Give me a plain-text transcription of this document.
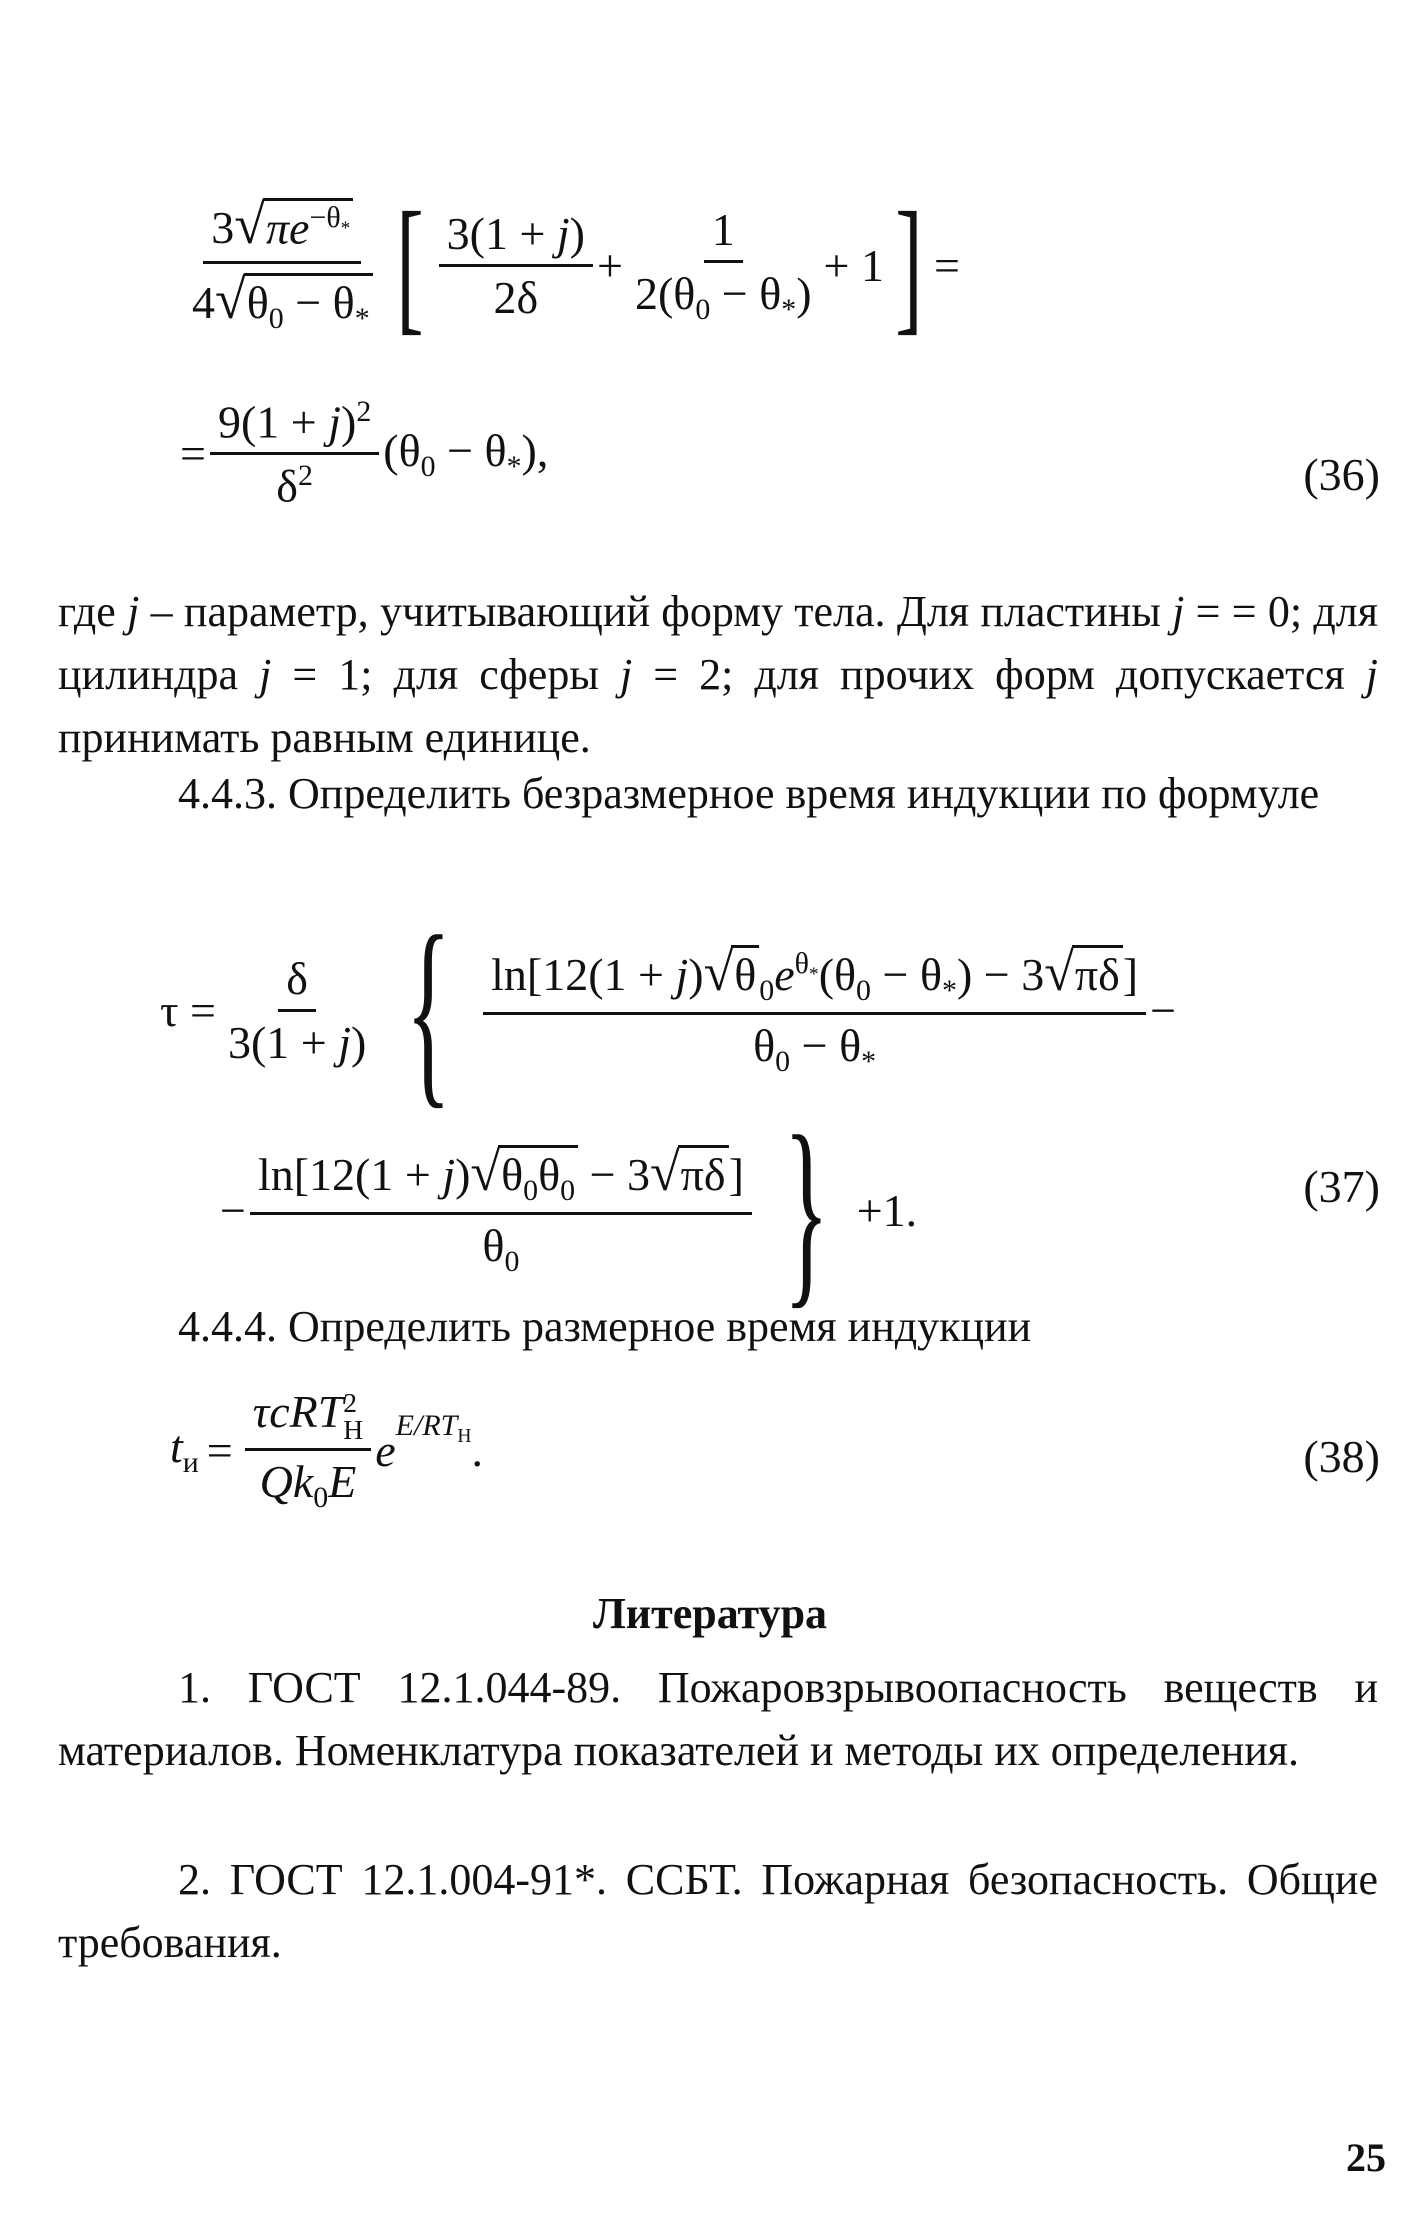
$\frac{3√\pi e^{-\theta_*}}{4√\theta_0 - \theta_*}$ [ $\frac{3(1 + j)}{2\delta} + \frac{1}{2(\theta_0 - \theta_*)} + 1$ ] =
= $\frac{9(1 + j)^2}{\delta^2} (\theta_0 - \theta_*)$,	(36)
где j – параметр, учитывающий форму тела. Для пластины j = = 0; для цилиндра j = 1; для сферы j = 2; для прочих форм допускается j принимать равным единице.
4.4.3. Определить безразмерное время индукции по формуле
$\tau = \frac{\delta}{3(1 + j)}$ { $\frac{\ln[12(1 + j)√\theta _0e^{\theta_*}(\theta_0 - \theta_*) - 3√\pi\delta]}{\theta_0 - \theta_*}$ −
− $\frac{\ln[12(1 + j)√\theta_0\theta_0 - 3√\pi\delta]}{\theta_0}$ } +1.	(37)
4.4.4. Определить размерное время индукции
$t_и = \tau cRT$ 2
Н
$Qk_0E$ e $E/RT_Н$ .	(38)
Литература
1. ГОСТ 12.1.044-89. Пожаровзрывоопасность веществ и материалов. Номенклатура показателей и методы их определения.
2. ГОСТ 12.1.004-91*. ССБТ. Пожарная безопасность. Общие требования.
25
